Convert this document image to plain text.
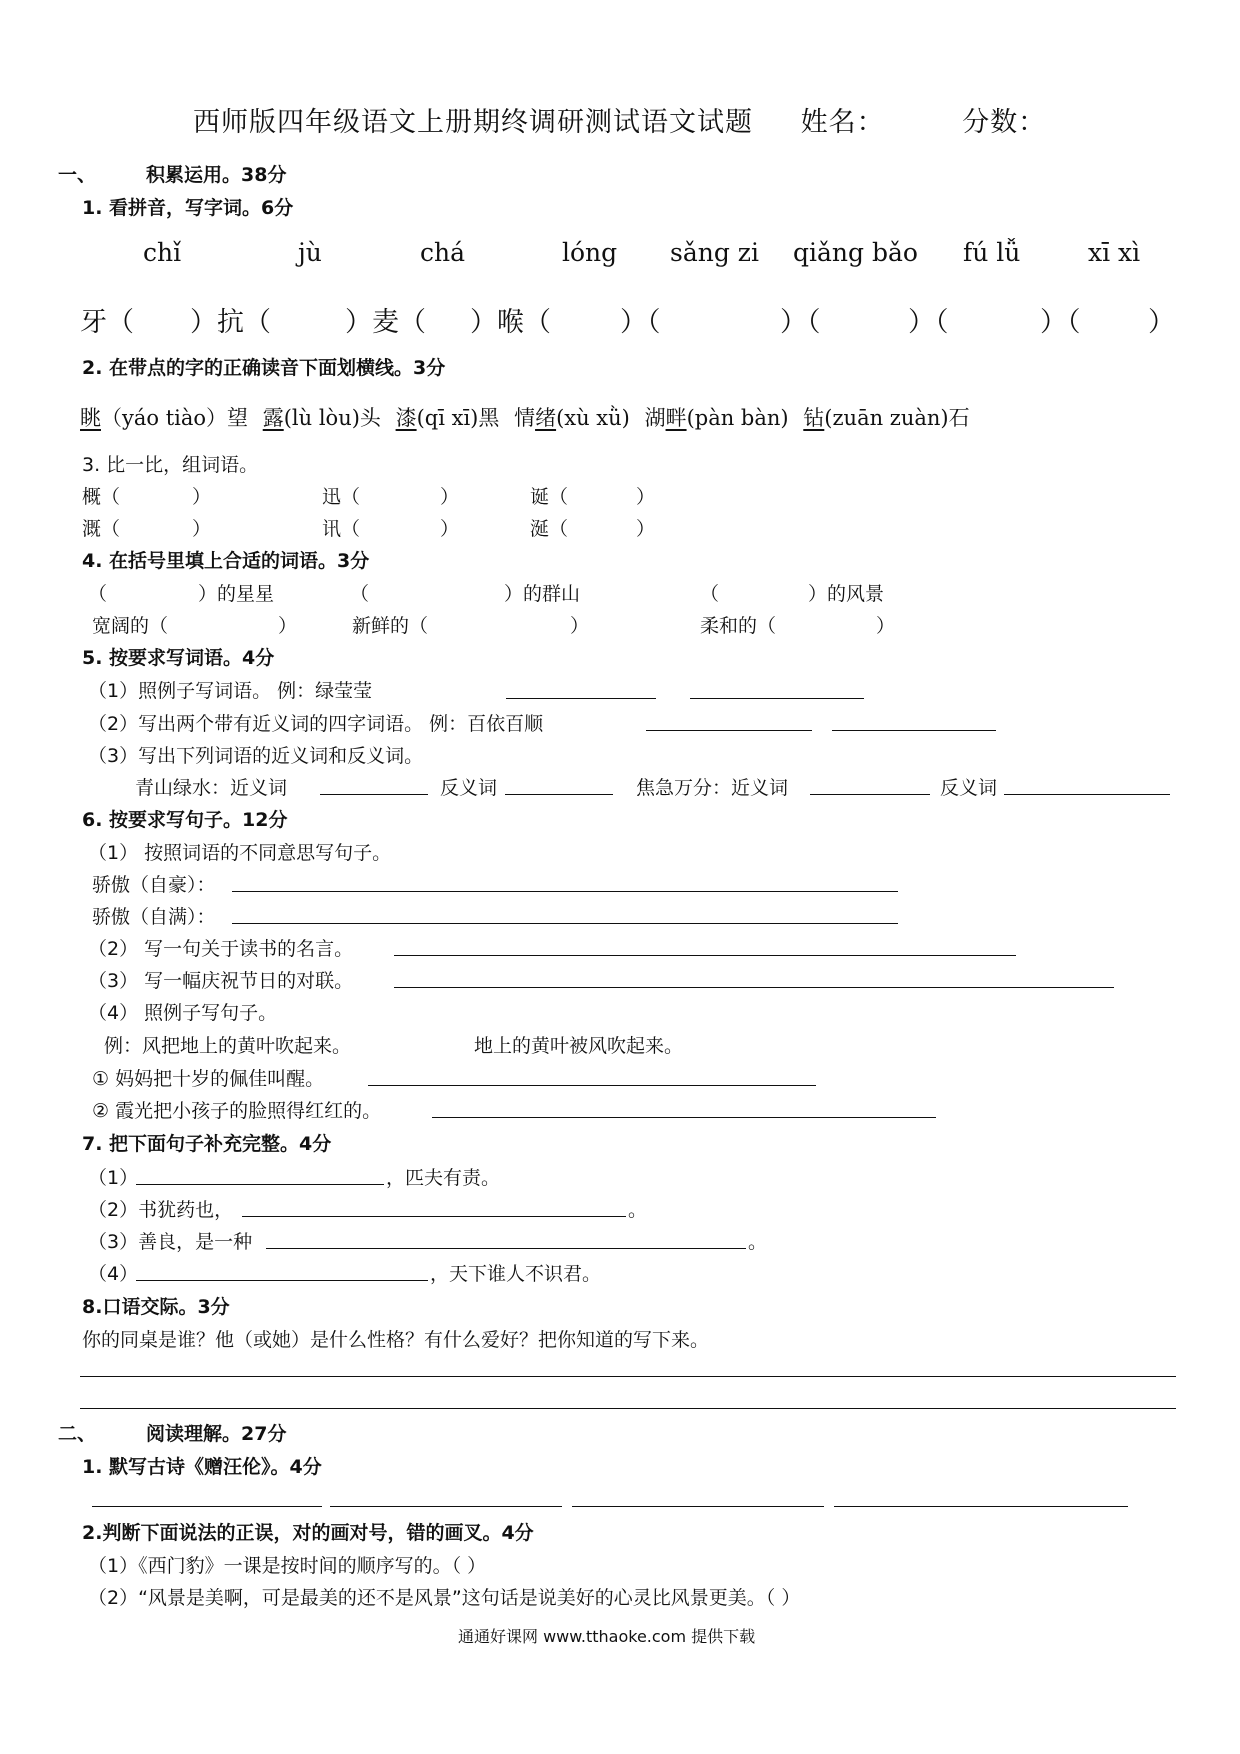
西师版四年级语文上册期终调研测试语文试题 姓名：	分数：
一、	积累运用。38分
1. 看拼音，写字词。6分
chǐ	jù	chá	lóng sǎng zi qiǎng bǎo fú lǚ	xī xì
牙（ ）抗（	）麦（ ）喉（	）（	）（	）（	）（	）
2. 在带点的字的正确读音下面划横线。3分
眺（yáo tiào）望 露(lù lòu)头 漆(qī xī)黑 情绪(xù xǜ) 湖畔(pàn bàn) 钻(zuān zuàn)石
3. 比一比，组词语。
概（	）	迅（	）	诞（	）
溉（	）	讯（	）	涎（	）
4. 在括号里填上合适的词语。3分
（	）的星星	（	）的群山	（	）的风景
宽阔的（	）	新鲜的（	）	柔和的（	）
5. 按要求写词语。4分
（1）照例子写词语。 例：绿莹莹
（2）写出两个带有近义词的四字词语。 例：百依百顺
（3）写出下列词语的近义词和反义词。
青山绿水：近义词	反义词	焦急万分：近义词	反义词
6. 按要求写句子。12分
（1） 按照词语的不同意思写句子。
骄傲（自豪）：
骄傲（自满）：
（2） 写一句关于读书的名言。
（3） 写一幅庆祝节日的对联。
（4） 照例子写句子。
例：风把地上的黄叶吹起来。	地上的黄叶被风吹起来。
① 妈妈把十岁的佩佳叫醒。
② 霞光把小孩子的脸照得红红的。
7. 把下面句子补充完整。4分
（1）	，匹夫有责。
（2）书犹药也，	。
（3）善良，是一种	。
（4）	，天下谁人不识君。
8.口语交际。3分
你的同桌是谁？他（或她）是什么性格？有什么爱好？把你知道的写下来。
二、	阅读理解。27分
1. 默写古诗《赠汪伦》。4分
2.判断下面说法的正误，对的画对号，错的画叉。4分
（1）《西门豹》一课是按时间的顺序写的。（ ）
（2）“风景是美啊，可是最美的还不是风景”这句话是说美好的心灵比风景更美。（ ）
通通好课网 www.tthaoke.com 提供下载
